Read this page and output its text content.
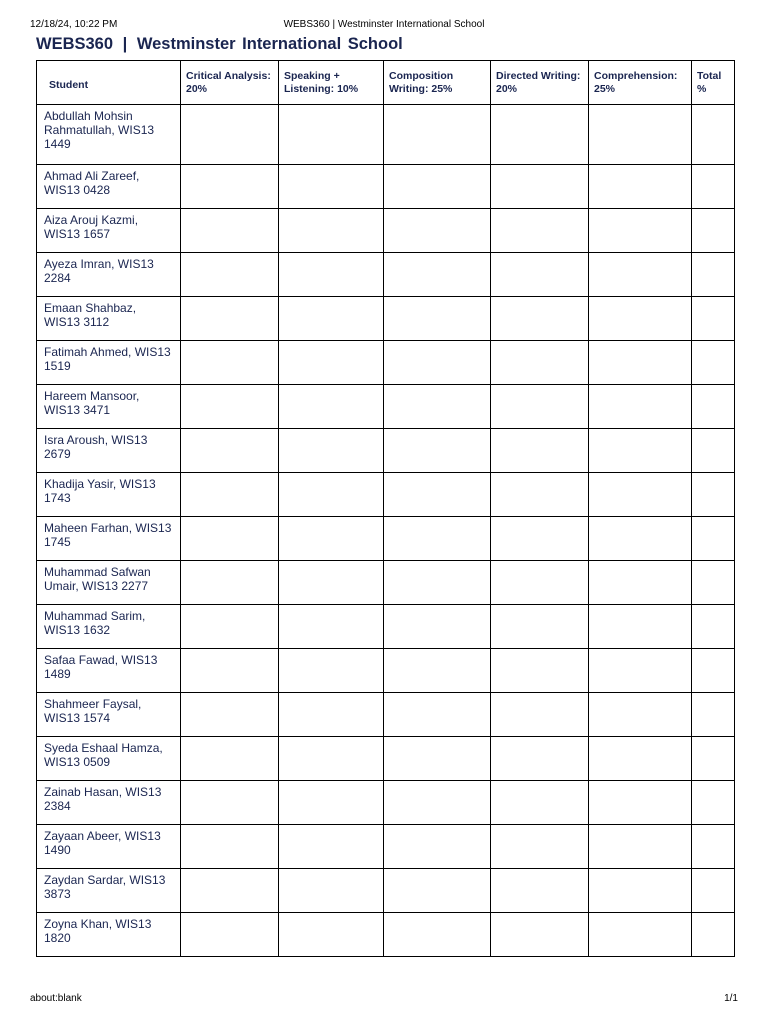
12/18/24, 10:22 PM	WEBS360 | Westminster International School
WEBS360 | Westminster International School
Student	Critical Analysis: 20%	Speaking + Listening: 10%	Composition Writing: 25%	Directed Writing: 20%	Comprehension: 25%	Total %
Abdullah Mohsin Rahmatullah, WIS13 1449						
Ahmad Ali Zareef, WIS13 0428						
Aiza Arouj Kazmi, WIS13 1657						
Ayeza Imran, WIS13 2284						
Emaan Shahbaz, WIS13 3112						
Fatimah Ahmed, WIS13 1519						
Hareem Mansoor, WIS13 3471						
Isra Aroush, WIS13 2679						
Khadija Yasir, WIS13 1743						
Maheen Farhan, WIS13 1745						
Muhammad Safwan Umair, WIS13 2277						
Muhammad Sarim, WIS13 1632						
Safaa Fawad, WIS13 1489						
Shahmeer Faysal, WIS13 1574						
Syeda Eshaal Hamza, WIS13 0509						
Zainab Hasan, WIS13 2384						
Zayaan Abeer, WIS13 1490						
Zaydan Sardar, WIS13 3873						
Zoyna Khan, WIS13 1820						
about:blank	1/1
